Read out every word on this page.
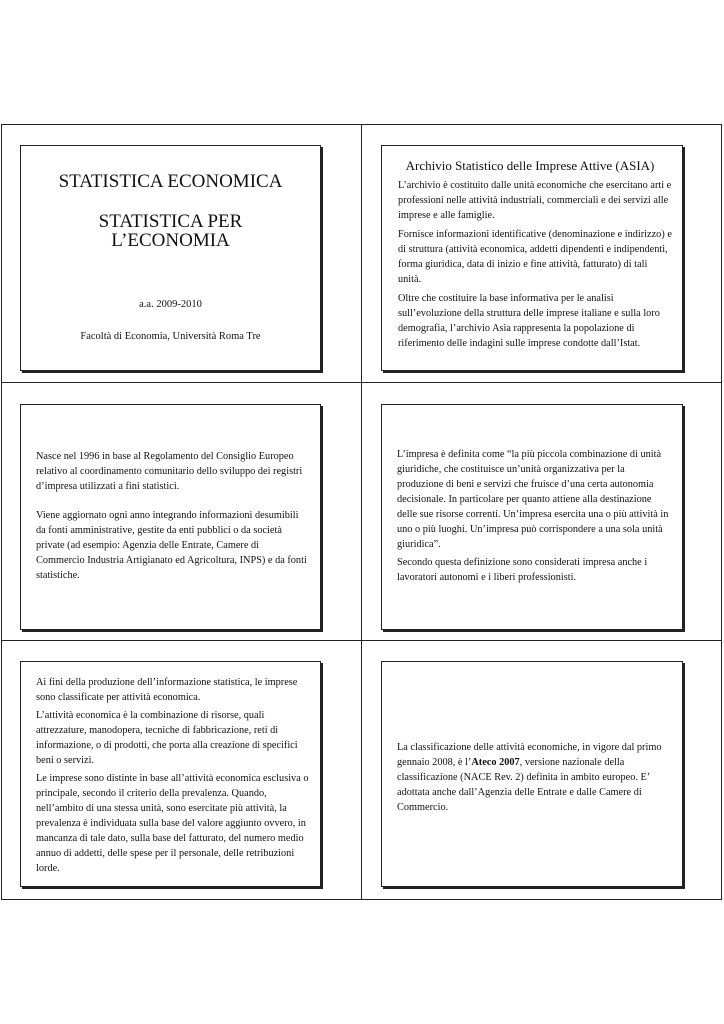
STATISTICA ECONOMICA

STATISTICA PER L’ECONOMIA

a.a. 2009-2010

Facoltà di Economia, Università Roma Tre

Archivio Statistico delle Imprese Attive (ASIA)

L’archivio è costituito dalle unità economiche che esercitano arti e professioni nelle attività industriali, commerciali e dei servizi alle imprese e alle famiglie.

Fornisce informazioni identificative (denominazione e indirizzo) e di struttura (attività economica, addetti dipendenti e indipendenti, forma giuridica, data di inizio e fine attività, fatturato) di tali unità.

Oltre che costituire la base informativa per le analisi sull’evoluzione della struttura delle imprese italiane e sulla loro demografia, l’archivio Asia rappresenta la popolazione di riferimento delle indagini sulle imprese condotte dall’Istat.

Nasce nel 1996 in base al Regolamento del Consiglio Europeo relativo al coordinamento comunitario dello sviluppo dei registri d’impresa utilizzati a fini statistici.

Viene aggiornato ogni anno integrando informazioni desumibili da fonti amministrative, gestite da enti pubblici o da società private (ad esempio: Agenzia delle Entrate, Camere di Commercio Industria Artigianato ed Agricoltura, INPS) e da fonti statistiche.

L’impresa è definita come “la più piccola combinazione di unità giuridiche, che costituisce un’unità organizzativa per la produzione di beni e servizi che fruisce d’una certa autonomia decisionale. In particolare per quanto attiene alla destinazione delle sue risorse correnti. Un’impresa esercita una o più attività in uno o più luoghi. Un’impresa può corrispondere a una sola unità giuridica”.

Secondo questa definizione sono considerati impresa anche i lavoratori autonomi e i liberi professionisti.

Ai fini della produzione dell’informazione statistica, le imprese sono classificate per attività economica.

L’attività economica è la combinazione di risorse, quali attrezzature, manodopera, tecniche di fabbricazione, reti di informazione, o di prodotti, che porta alla creazione di specifici beni o servizi.

Le imprese sono distinte in base all’attività economica esclusiva o principale, secondo il criterio della prevalenza. Quando, nell’ambito di una stessa unità, sono esercitate più attività, la prevalenza è individuata sulla base del valore aggiunto ovvero, in mancanza di tale dato, sulla base del fatturato, del numero medio annuo di addetti, delle spese per il personale, delle retribuzioni lorde.

La classificazione delle attività economiche, in vigore dal primo gennaio 2008, è l’Ateco 2007, versione nazionale della classificazione (NACE Rev. 2) definita in ambito europeo. E’ adottata anche dall’Agenzia delle Entrate e dalle Camere di Commercio.
